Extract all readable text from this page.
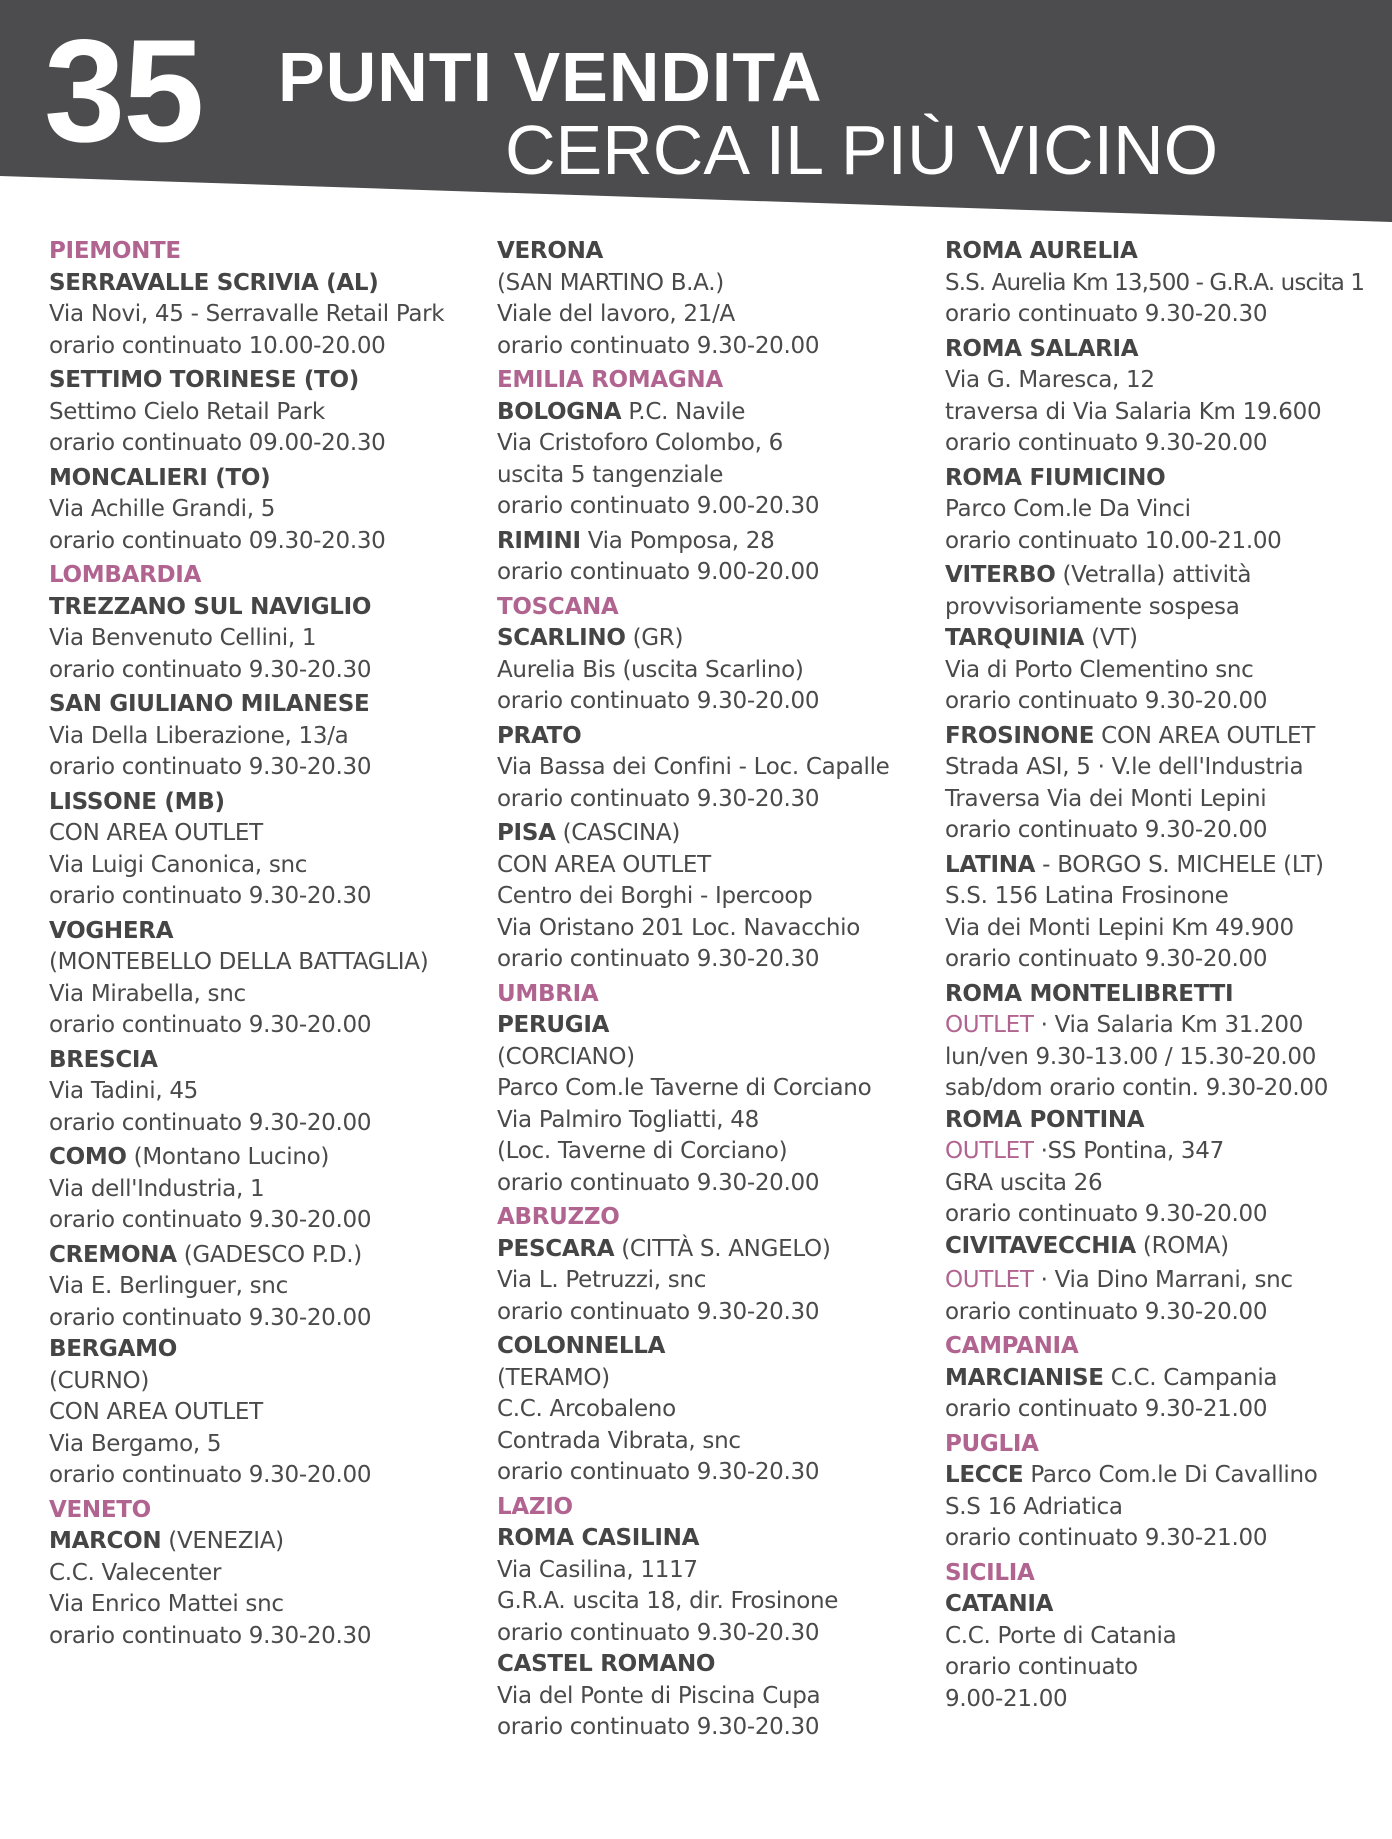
35 PUNTI VENDITA
CERCA IL PIÙ VICINO
PIEMONTE
SERRAVALLE SCRIVIA (AL)
Via Novi, 45 - Serravalle Retail Park
orario continuato 10.00-20.00
SETTIMO TORINESE (TO)
Settimo Cielo Retail Park
orario continuato 09.00-20.30
MONCALIERI (TO)
Via Achille Grandi, 5
orario continuato 09.30-20.30
LOMBARDIA
TREZZANO SUL NAVIGLIO
Via Benvenuto Cellini, 1
orario continuato 9.30-20.30
SAN GIULIANO MILANESE
Via Della Liberazione, 13/a
orario continuato 9.30-20.30
LISSONE (MB)
CON AREA OUTLET
Via Luigi Canonica, snc
orario continuato 9.30-20.30
VOGHERA
(MONTEBELLO DELLA BATTAGLIA)
Via Mirabella, snc
orario continuato 9.30-20.00
BRESCIA
Via Tadini, 45
orario continuato 9.30-20.00
COMO (Montano Lucino)
Via dell'Industria, 1
orario continuato 9.30-20.00
CREMONA (GADESCO P.D.)
Via E. Berlinguer, snc
orario continuato 9.30-20.00
BERGAMO
(CURNO)
CON AREA OUTLET
Via Bergamo, 5
orario continuato 9.30-20.00
VENETO
MARCON (VENEZIA)
C.C. Valecenter
Via Enrico Mattei snc
orario continuato 9.30-20.30
VERONA
(SAN MARTINO B.A.)
Viale del lavoro, 21/A
orario continuato 9.30-20.00
EMILIA ROMAGNA
BOLOGNA P.C. Navile
Via Cristoforo Colombo, 6
uscita 5 tangenziale
orario continuato 9.00-20.30
RIMINI Via Pomposa, 28
orario continuato 9.00-20.00
TOSCANA
SCARLINO (GR)
Aurelia Bis (uscita Scarlino)
orario continuato 9.30-20.00
PRATO
Via Bassa dei Confini - Loc. Capalle
orario continuato 9.30-20.30
PISA (CASCINA)
CON AREA OUTLET
Centro dei Borghi - Ipercoop
Via Oristano 201 Loc. Navacchio
orario continuato 9.30-20.30
UMBRIA
PERUGIA
(CORCIANO)
Parco Com.le Taverne di Corciano
Via Palmiro Togliatti, 48
(Loc. Taverne di Corciano)
orario continuato 9.30-20.00
ABRUZZO
PESCARA (CITTÀ S. ANGELO)
Via L. Petruzzi, snc
orario continuato 9.30-20.30
COLONNELLA
(TERAMO)
C.C. Arcobaleno
Contrada Vibrata, snc
orario continuato 9.30-20.30
LAZIO
ROMA CASILINA
Via Casilina, 1117
G.R.A. uscita 18, dir. Frosinone
orario continuato 9.30-20.30
CASTEL ROMANO
Via del Ponte di Piscina Cupa
orario continuato 9.30-20.30
ROMA AURELIA
S.S. Aurelia Km 13,500 - G.R.A. uscita 1
orario continuato 9.30-20.30
ROMA SALARIA
Via G. Maresca, 12
traversa di Via Salaria Km 19.600
orario continuato 9.30-20.00
ROMA FIUMICINO
Parco Com.le Da Vinci
orario continuato 10.00-21.00
VITERBO (Vetralla) attività
provvisoriamente sospesa
TARQUINIA (VT)
Via di Porto Clementino snc
orario continuato 9.30-20.00
FROSINONE CON AREA OUTLET
Strada ASI, 5 · V.le dell'Industria
Traversa Via dei Monti Lepini
orario continuato 9.30-20.00
LATINA - BORGO S. MICHELE (LT)
S.S. 156 Latina Frosinone
Via dei Monti Lepini Km 49.900
orario continuato 9.30-20.00
ROMA MONTELIBRETTI
OUTLET · Via Salaria Km 31.200
lun/ven 9.30-13.00 / 15.30-20.00
sab/dom orario contin. 9.30-20.00
ROMA PONTINA
OUTLET ·SS Pontina, 347
GRA uscita 26
orario continuato 9.30-20.00
CIVITAVECCHIA (ROMA)
OUTLET · Via Dino Marrani, snc
orario continuato 9.30-20.00
CAMPANIA
MARCIANISE C.C. Campania
orario continuato 9.30-21.00
PUGLIA
LECCE Parco Com.le Di Cavallino
S.S 16 Adriatica
orario continuato 9.30-21.00
SICILIA
CATANIA
C.C. Porte di Catania
orario continuato
9.00-21.00
